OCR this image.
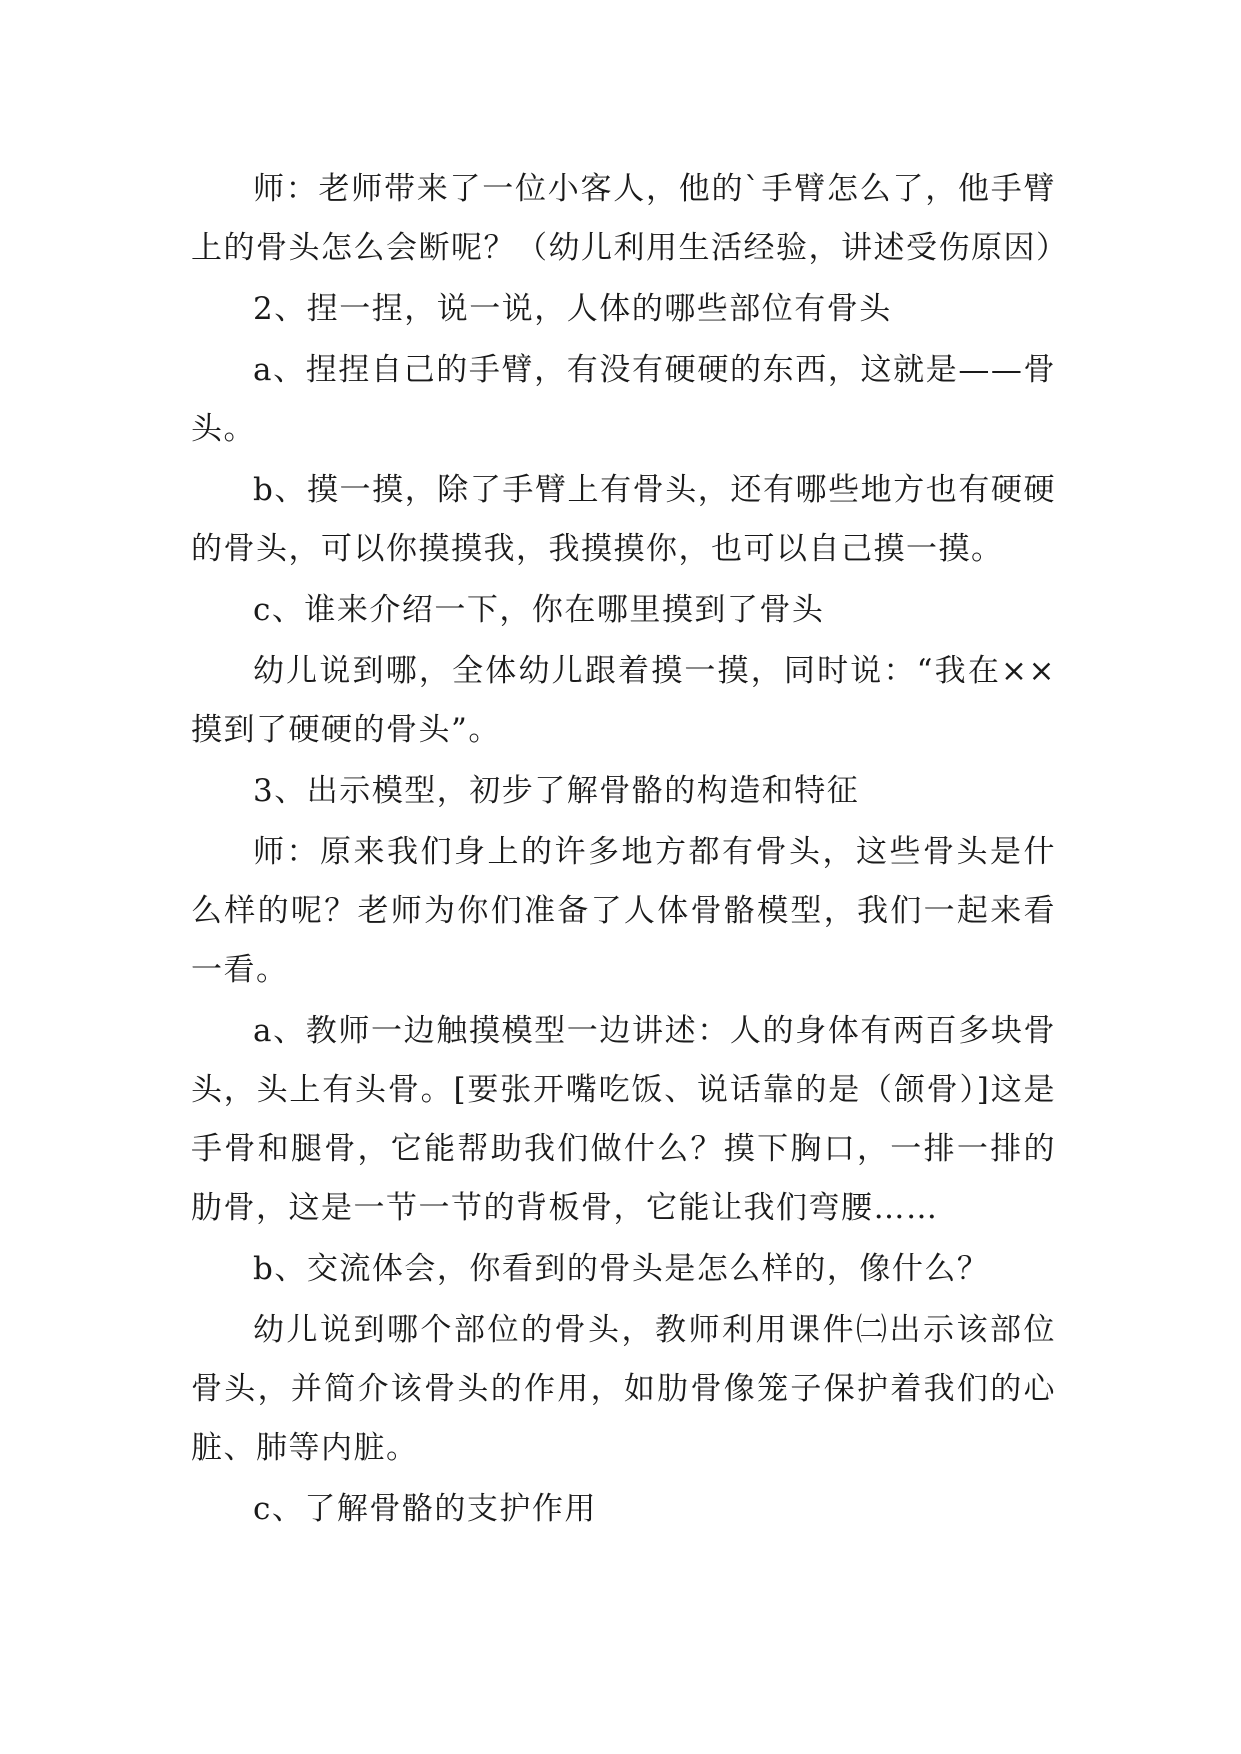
师：老师带来了一位小客人，他的`手臂怎么了，他手臂上的骨头怎么会断呢？（幼儿利用生活经验，讲述受伤原因）

2、捏一捏，说一说，人体的哪些部位有骨头

a、捏捏自己的手臂，有没有硬硬的东西，这就是——骨头。

b、摸一摸，除了手臂上有骨头，还有哪些地方也有硬硬的骨头，可以你摸摸我，我摸摸你，也可以自己摸一摸。

c、谁来介绍一下，你在哪里摸到了骨头

幼儿说到哪，全体幼儿跟着摸一摸，同时说：“我在××摸到了硬硬的骨头”。

3、出示模型，初步了解骨骼的构造和特征

师：原来我们身上的许多地方都有骨头，这些骨头是什么样的呢？老师为你们准备了人体骨骼模型，我们一起来看一看。

a、教师一边触摸模型一边讲述：人的身体有两百多块骨头，头上有头骨。[要张开嘴吃饭、说话靠的是（颌骨）]这是手骨和腿骨，它能帮助我们做什么？摸下胸口，一排一排的肋骨，这是一节一节的背板骨，它能让我们弯腰……

b、交流体会，你看到的骨头是怎么样的，像什么？

幼儿说到哪个部位的骨头，教师利用课件㈡出示该部位骨头，并简介该骨头的作用，如肋骨像笼子保护着我们的心脏、肺等内脏。

c、了解骨骼的支护作用
